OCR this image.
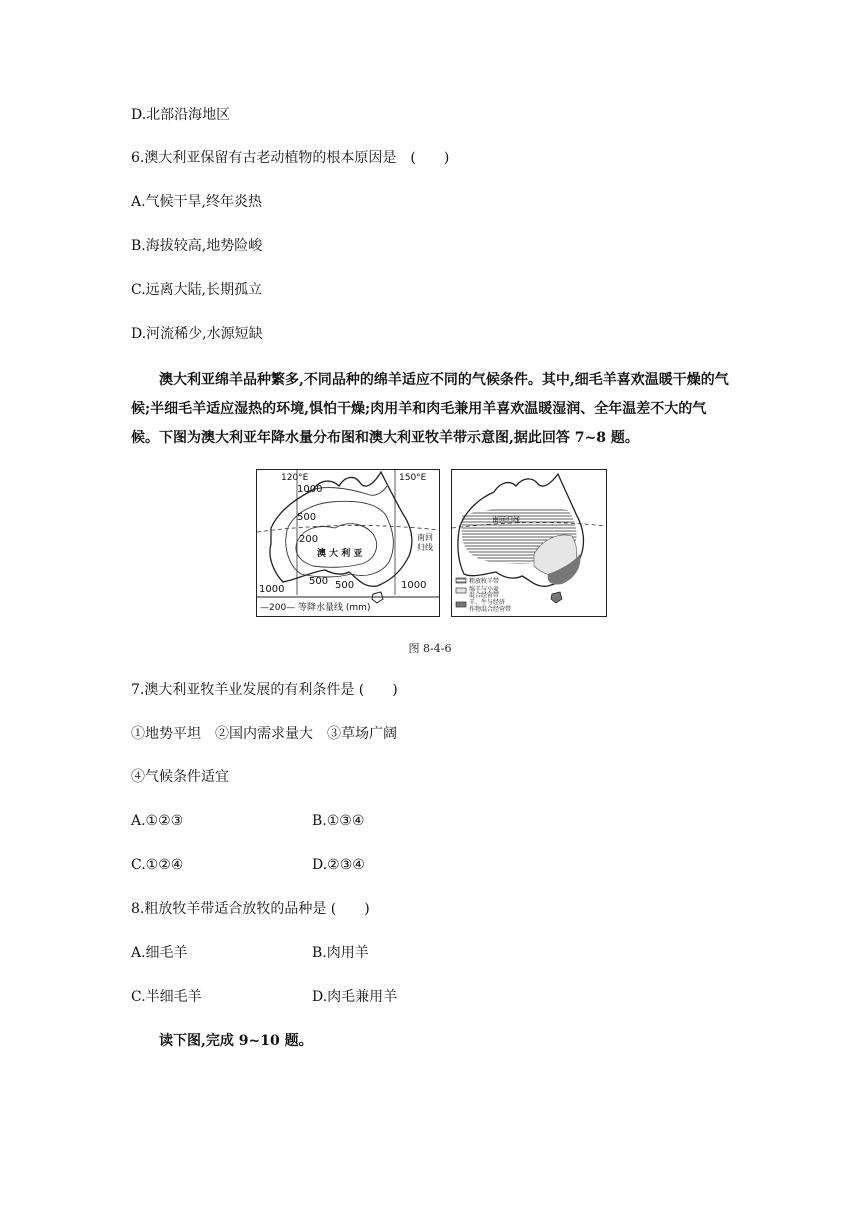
D.北部沿海地区
6.澳大利亚保留有古老动植物的根本原因是　(　　)
A.气候干旱,终年炎热
B.海拔较高,地势险峻
C.远离大陆,长期孤立
D.河流稀少,水源短缺
澳大利亚绵羊品种繁多,不同品种的绵羊适应不同的气候条件。其中,细毛羊喜欢温暖干燥的气候;半细毛羊适应湿热的环境,惧怕干燥;肉用羊和肉毛兼用羊喜欢温暖湿润、全年温差不大的气候。下图为澳大利亚年降水量分布图和澳大利亚牧羊带示意图,据此回答 7~8 题。
120°E	150°E
1000
500
200
澳 大 利 亚
南回
归线
1000
500 500	1000
—200— 等降水量线 (mm)
南回归线
粗放牧羊带
绵羊与小麦
混合经营带
羊、牛与经济
作物混合经营带
图 8-4-6
7.澳大利亚牧羊业发展的有利条件是 (　　)
①地势平坦　②国内需求量大　③草场广阔
④气候条件适宜
A.①②③	B.①③④
C.①②④	D.②③④
8.粗放牧羊带适合放牧的品种是 (　　)
A.细毛羊	B.肉用羊
C.半细毛羊	D.肉毛兼用羊
读下图,完成 9~10 题。
